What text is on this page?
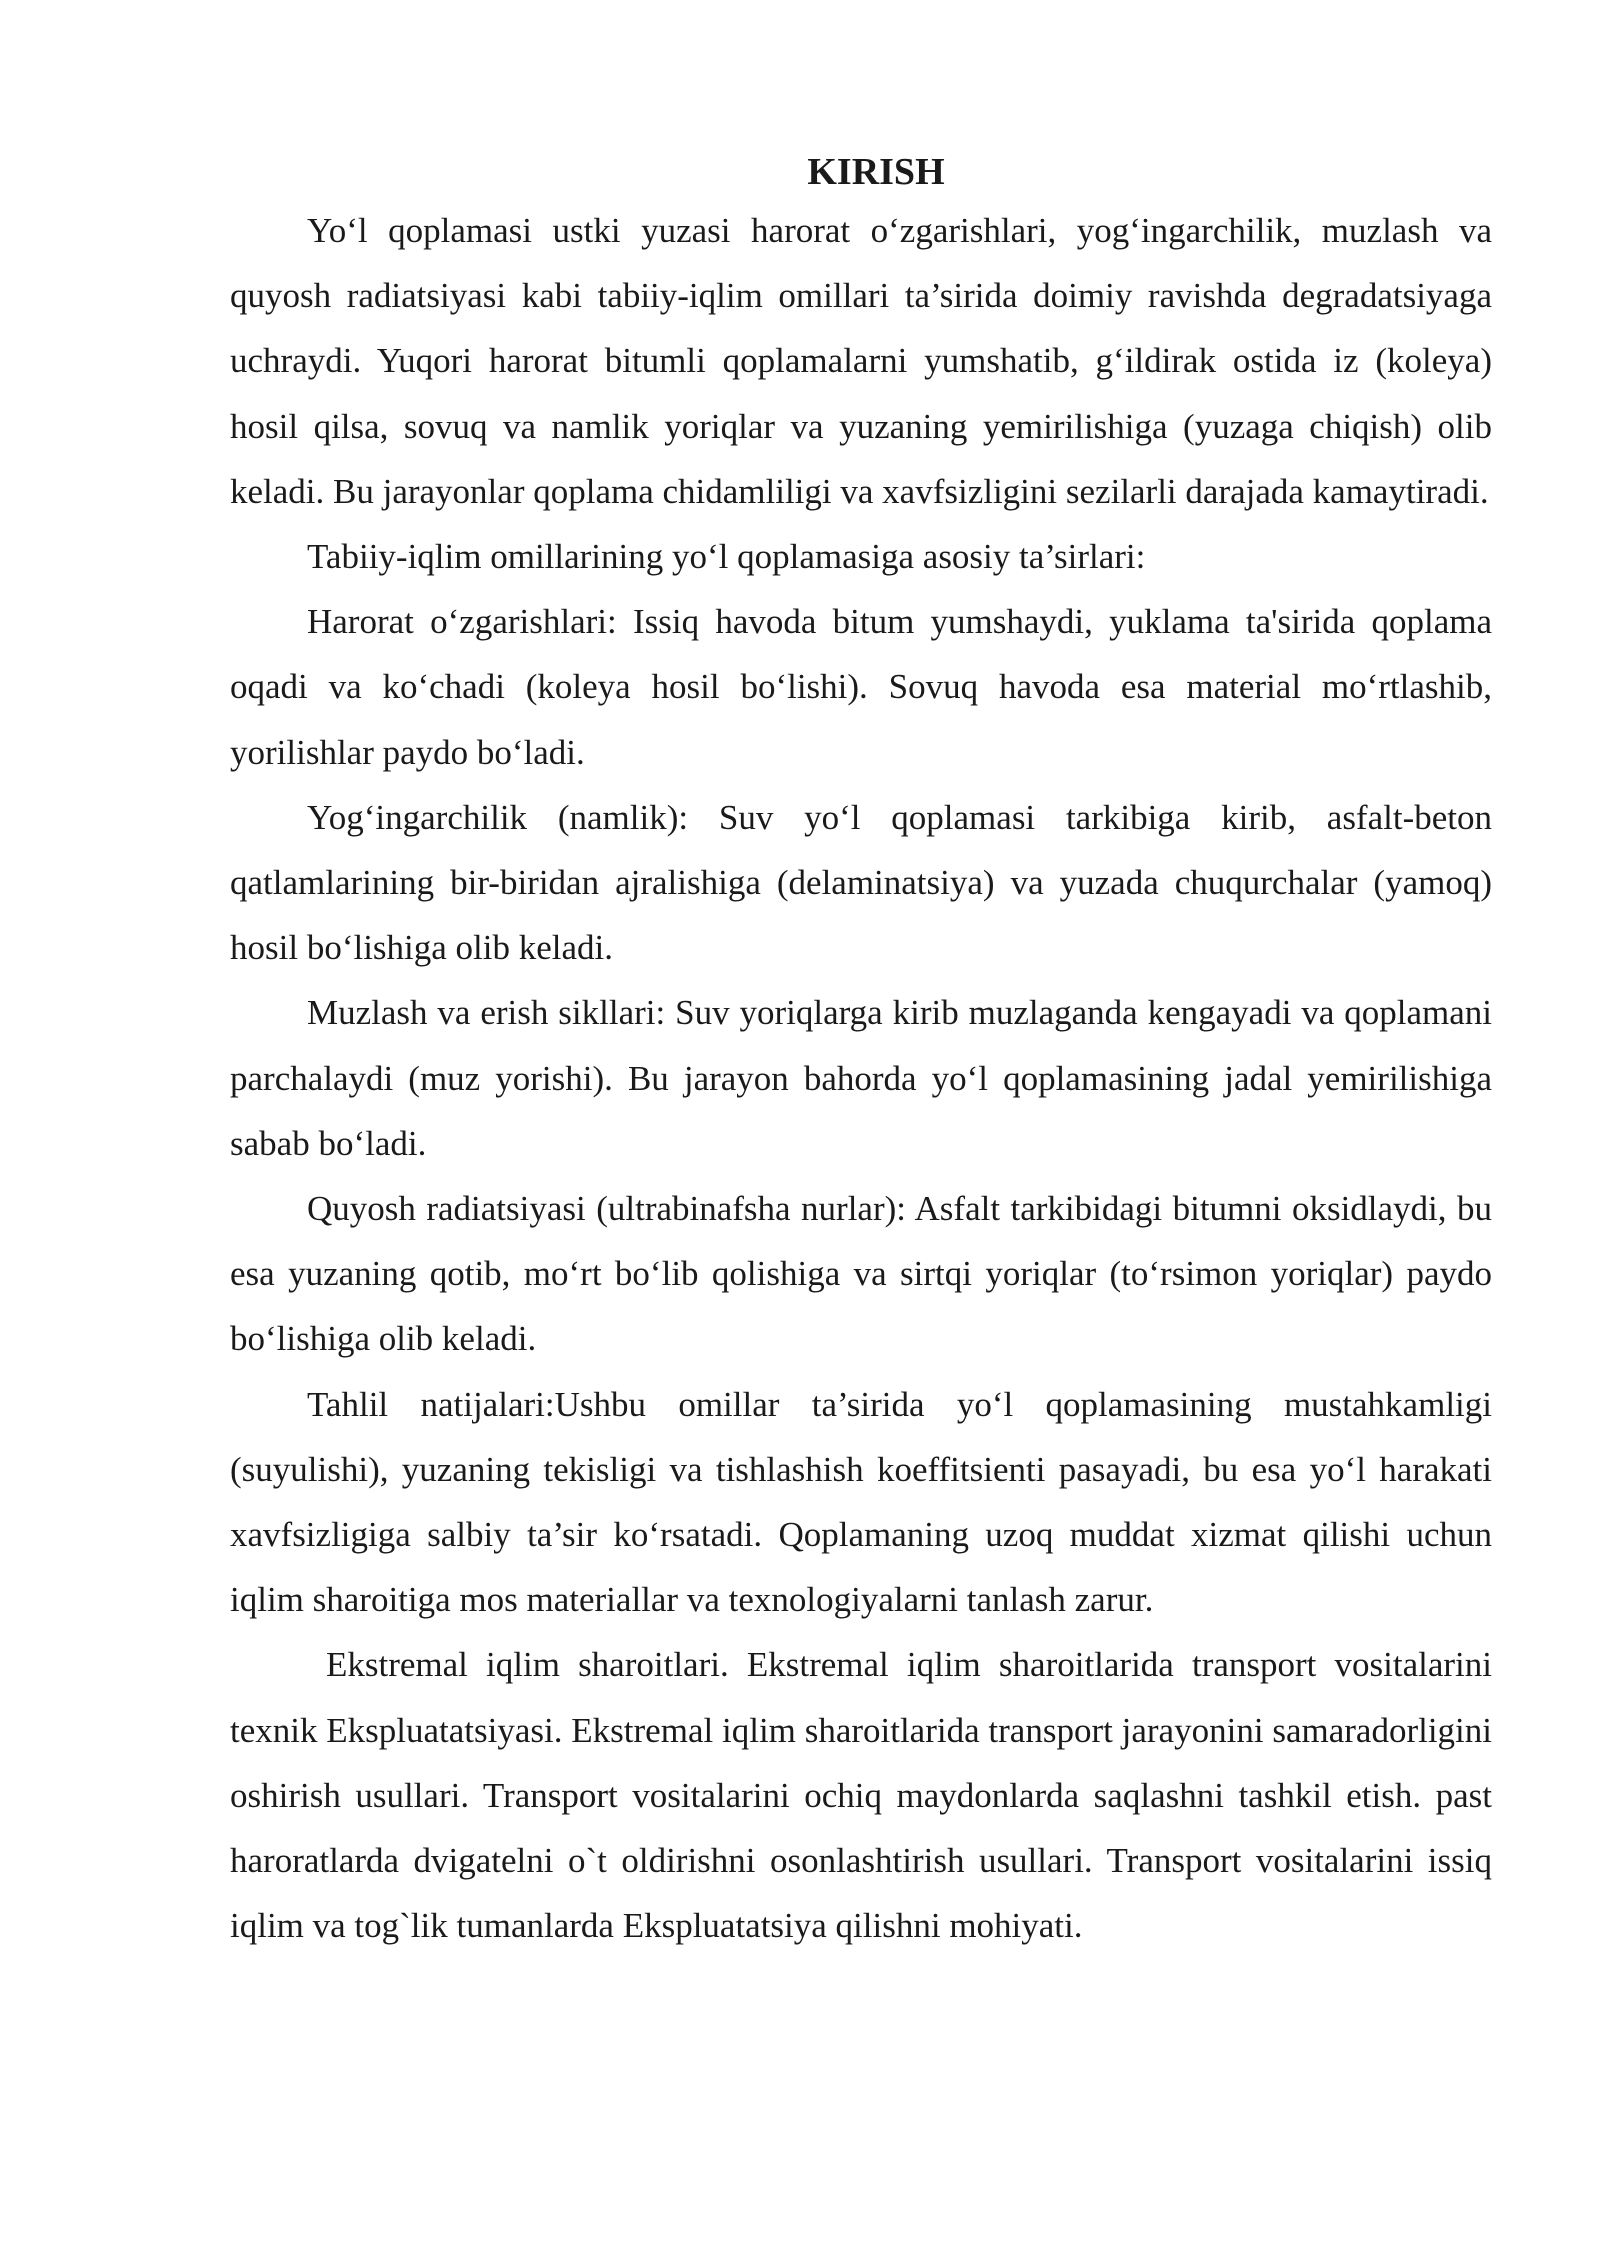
KIRISH

Yo‘l qoplamasi ustki yuzasi harorat o‘zgarishlari, yog‘ingarchilik, muzlash va quyosh radiatsiyasi kabi tabiiy-iqlim omillari ta’sirida doimiy ravishda degradatsiyaga uchraydi. Yuqori harorat bitumli qoplamalarni yumshatib, g‘ildirak ostida iz (koleya) hosil qilsa, sovuq va namlik yoriqlar va yuzaning yemirilishiga (yuzaga chiqish) olib keladi. Bu jarayonlar qoplama chidamliligi va xavfsizligini sezilarli darajada kamaytiradi.

Tabiiy-iqlim omillarining yo‘l qoplamasiga asosiy ta’sirlari:

Harorat o‘zgarishlari: Issiq havoda bitum yumshaydi, yuklama ta'sirida qoplama oqadi va ko‘chadi (koleya hosil bo‘lishi). Sovuq havoda esa material mo‘rtlashib, yorilishlar paydo bo‘ladi.

Yog‘ingarchilik (namlik): Suv yo‘l qoplamasi tarkibiga kirib, asfalt-beton qatlamlarining bir-biridan ajralishiga (delaminatsiya) va yuzada chuqurchalar (yamoq) hosil bo‘lishiga olib keladi.

Muzlash va erish sikllari: Suv yoriqlarga kirib muzlaganda kengayadi va qoplamani parchalaydi (muz yorishi). Bu jarayon bahorda yo‘l qoplamasining jadal yemirilishiga sabab bo‘ladi.

Quyosh radiatsiyasi (ultrabinafsha nurlar): Asfalt tarkibidagi bitumni oksidlaydi, bu esa yuzaning qotib, mo‘rt bo‘lib qolishiga va sirtqi yoriqlar (to‘rsimon yoriqlar) paydo bo‘lishiga olib keladi.

Tahlil natijalari:Ushbu omillar ta’sirida yo‘l qoplamasining mustahkamligi (suyulishi), yuzaning tekisligi va tishlashish koeffitsienti pasayadi, bu esa yo‘l harakati xavfsizligiga salbiy ta’sir ko‘rsatadi. Qoplamaning uzoq muddat xizmat qilishi uchun iqlim sharoitiga mos materiallar va texnologiyalarni tanlash zarur.

Ekstremal iqlim sharoitlari. Ekstremal iqlim sharoitlarida transport vositalarini texnik Ekspluatatsiyasi. Ekstremal iqlim sharoitlarida transport jarayonini samaradorligini oshirish usullari. Transport vositalarini ochiq maydonlarda saqlashni tashkil etish. past haroratlarda dvigatelni o`t oldirishni osonlashtirish usullari. Transport vositalarini issiq iqlim va tog`lik tumanlarda Ekspluatatsiya qilishni mohiyati.
